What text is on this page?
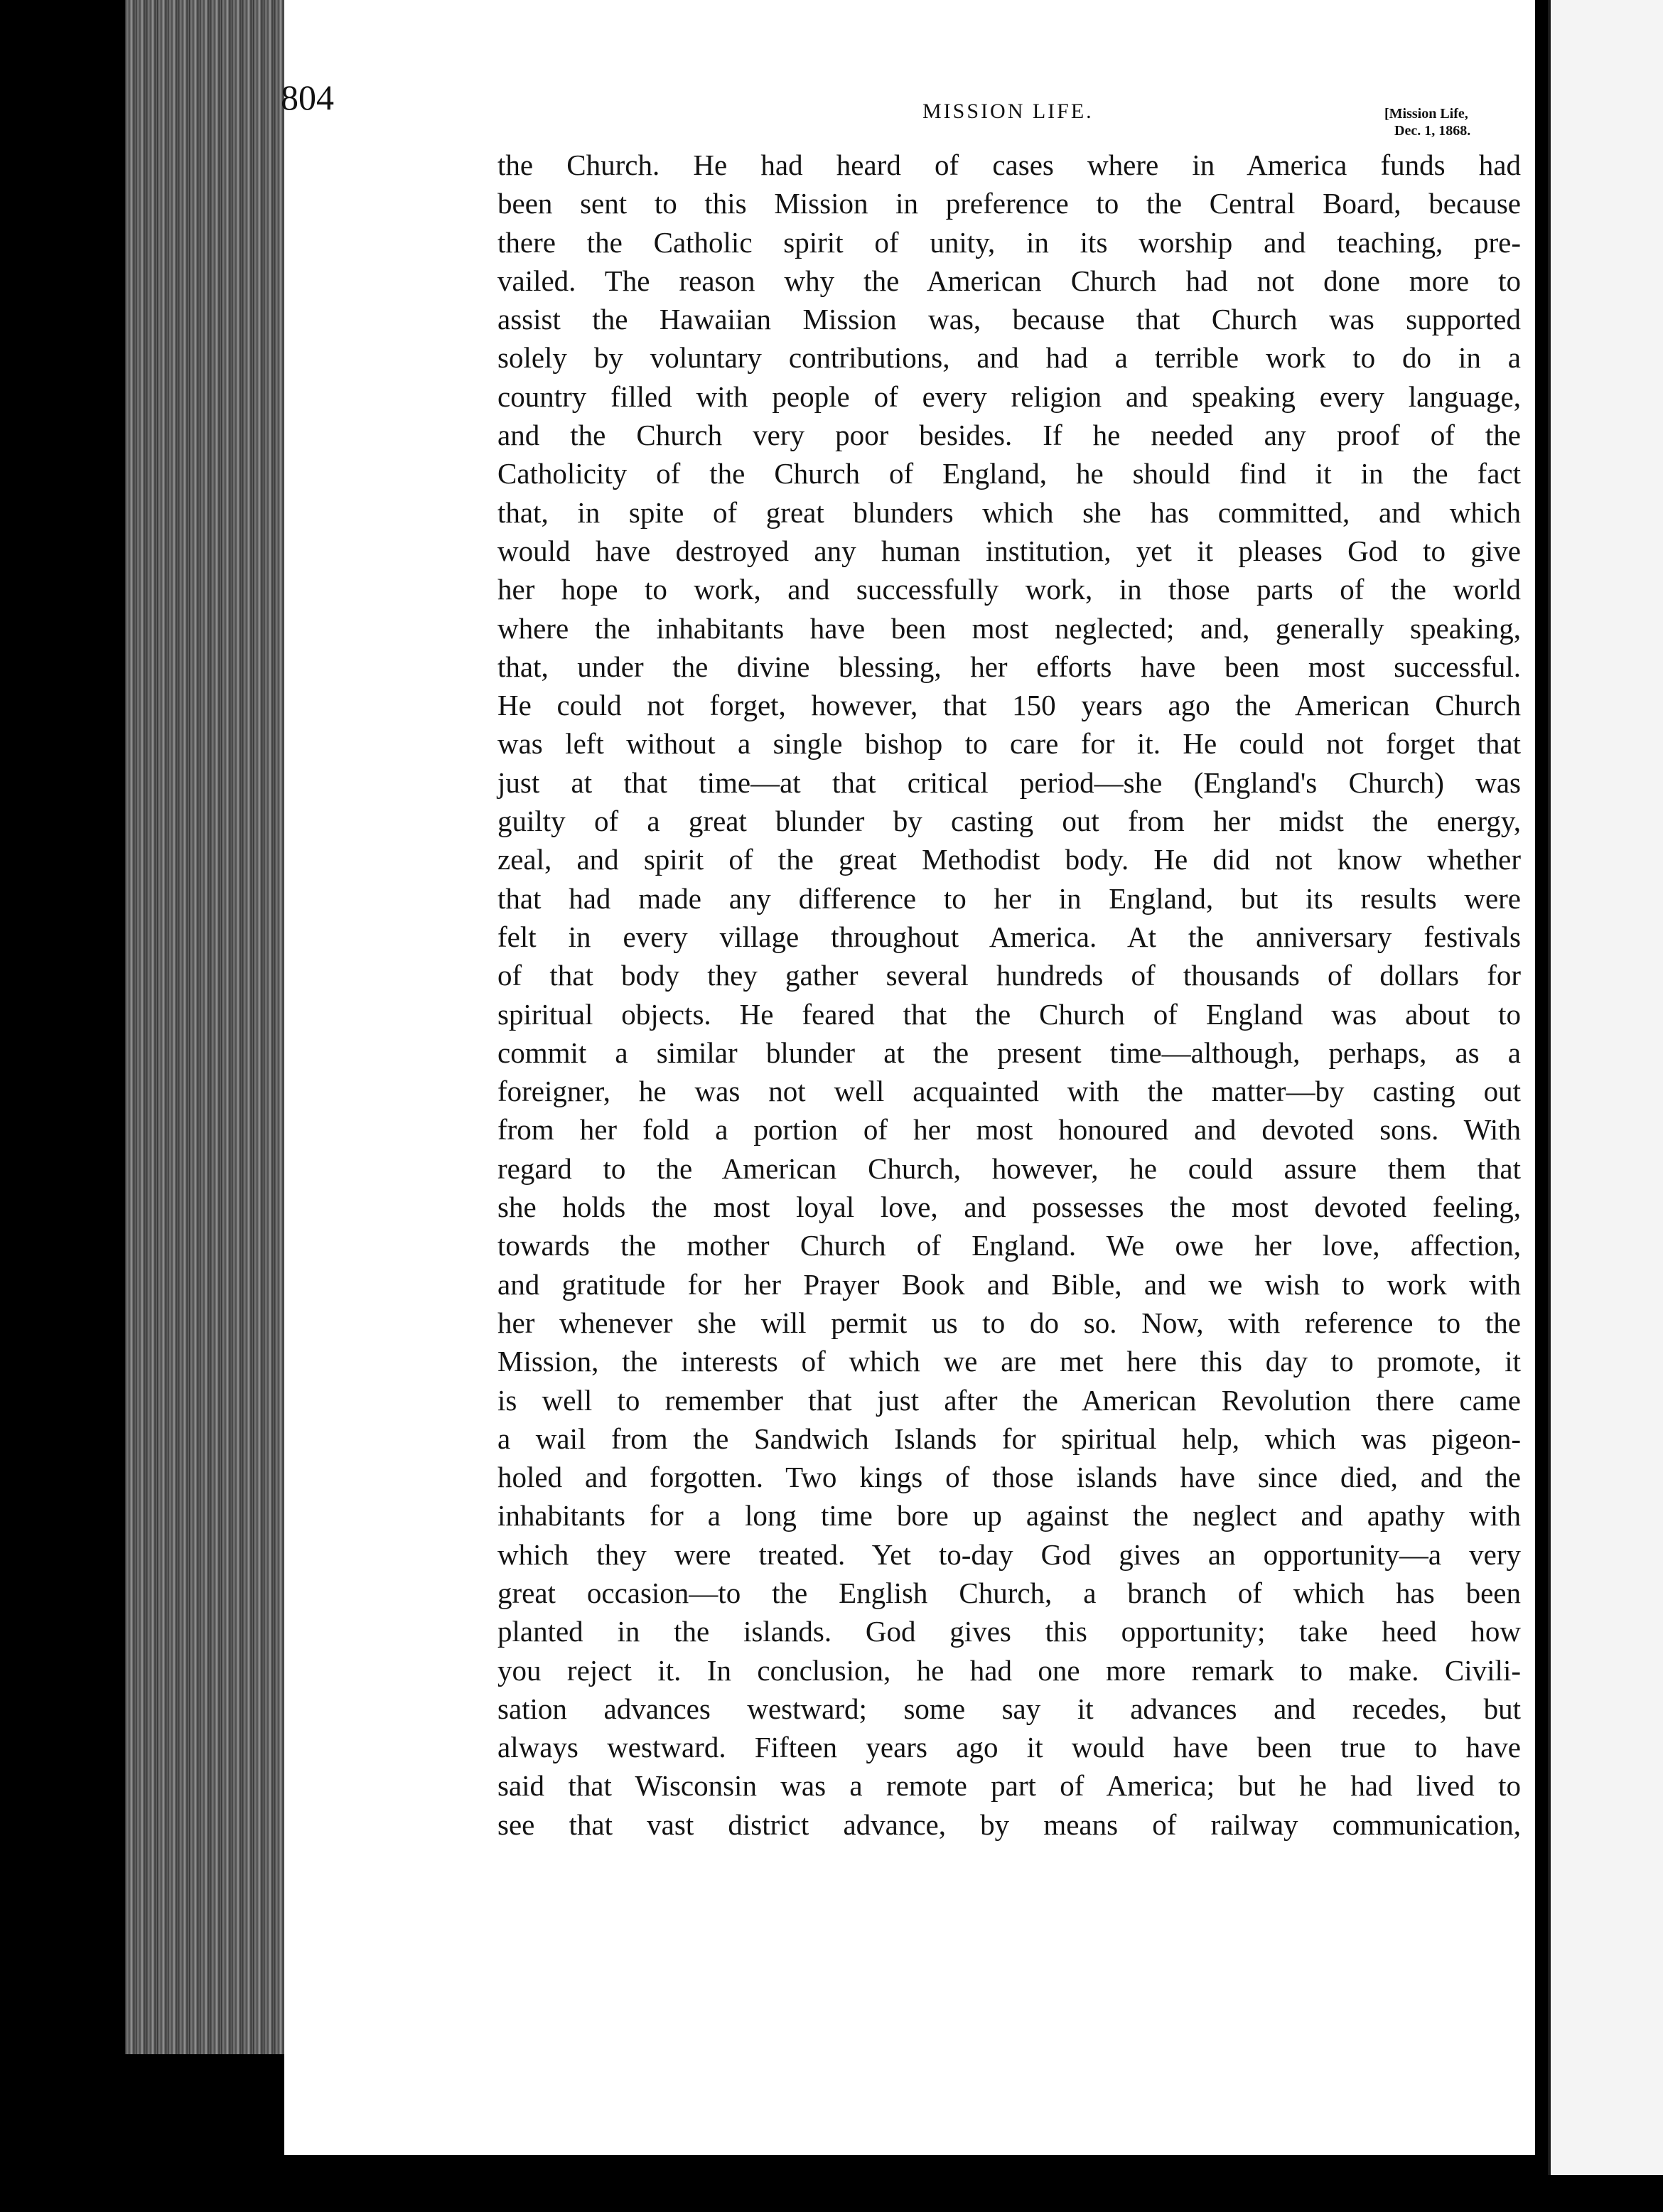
804	MISSION LIFE.	[Mission Life,
Dec. 1, 1868.
the Church. He had heard of cases where in America funds had
been sent to this Mission in preference to the Central Board, because
there the Catholic spirit of unity, in its worship and teaching, pre-
vailed. The reason why the American Church had not done more to
assist the Hawaiian Mission was, because that Church was supported
solely by voluntary contributions, and had a terrible work to do in a
country filled with people of every religion and speaking every language,
and the Church very poor besides. If he needed any proof of the
Catholicity of the Church of England, he should find it in the fact
that, in spite of great blunders which she has committed, and which
would have destroyed any human institution, yet it pleases God to give
her hope to work, and successfully work, in those parts of the world
where the inhabitants have been most neglected; and, generally speaking,
that, under the divine blessing, her efforts have been most successful.
He could not forget, however, that 150 years ago the American Church
was left without a single bishop to care for it. He could not forget that
just at that time—at that critical period—she (England's Church) was
guilty of a great blunder by casting out from her midst the energy,
zeal, and spirit of the great Methodist body. He did not know whether
that had made any difference to her in England, but its results were
felt in every village throughout America. At the anniversary festivals
of that body they gather several hundreds of thousands of dollars for
spiritual objects. He feared that the Church of England was about to
commit a similar blunder at the present time—although, perhaps, as a
foreigner, he was not well acquainted with the matter—by casting out
from her fold a portion of her most honoured and devoted sons. With
regard to the American Church, however, he could assure them that
she holds the most loyal love, and possesses the most devoted feeling,
towards the mother Church of England. We owe her love, affection,
and gratitude for her Prayer Book and Bible, and we wish to work with
her whenever she will permit us to do so. Now, with reference to the
Mission, the interests of which we are met here this day to promote, it
is well to remember that just after the American Revolution there came
a wail from the Sandwich Islands for spiritual help, which was pigeon-
holed and forgotten. Two kings of those islands have since died, and the
inhabitants for a long time bore up against the neglect and apathy with
which they were treated. Yet to-day God gives an opportunity—a very
great occasion—to the English Church, a branch of which has been
planted in the islands. God gives this opportunity; take heed how
you reject it. In conclusion, he had one more remark to make. Civili-
sation advances westward; some say it advances and recedes, but
always westward. Fifteen years ago it would have been true to have
said that Wisconsin was a remote part of America; but he had lived to
see that vast district advance, by means of railway communication,
